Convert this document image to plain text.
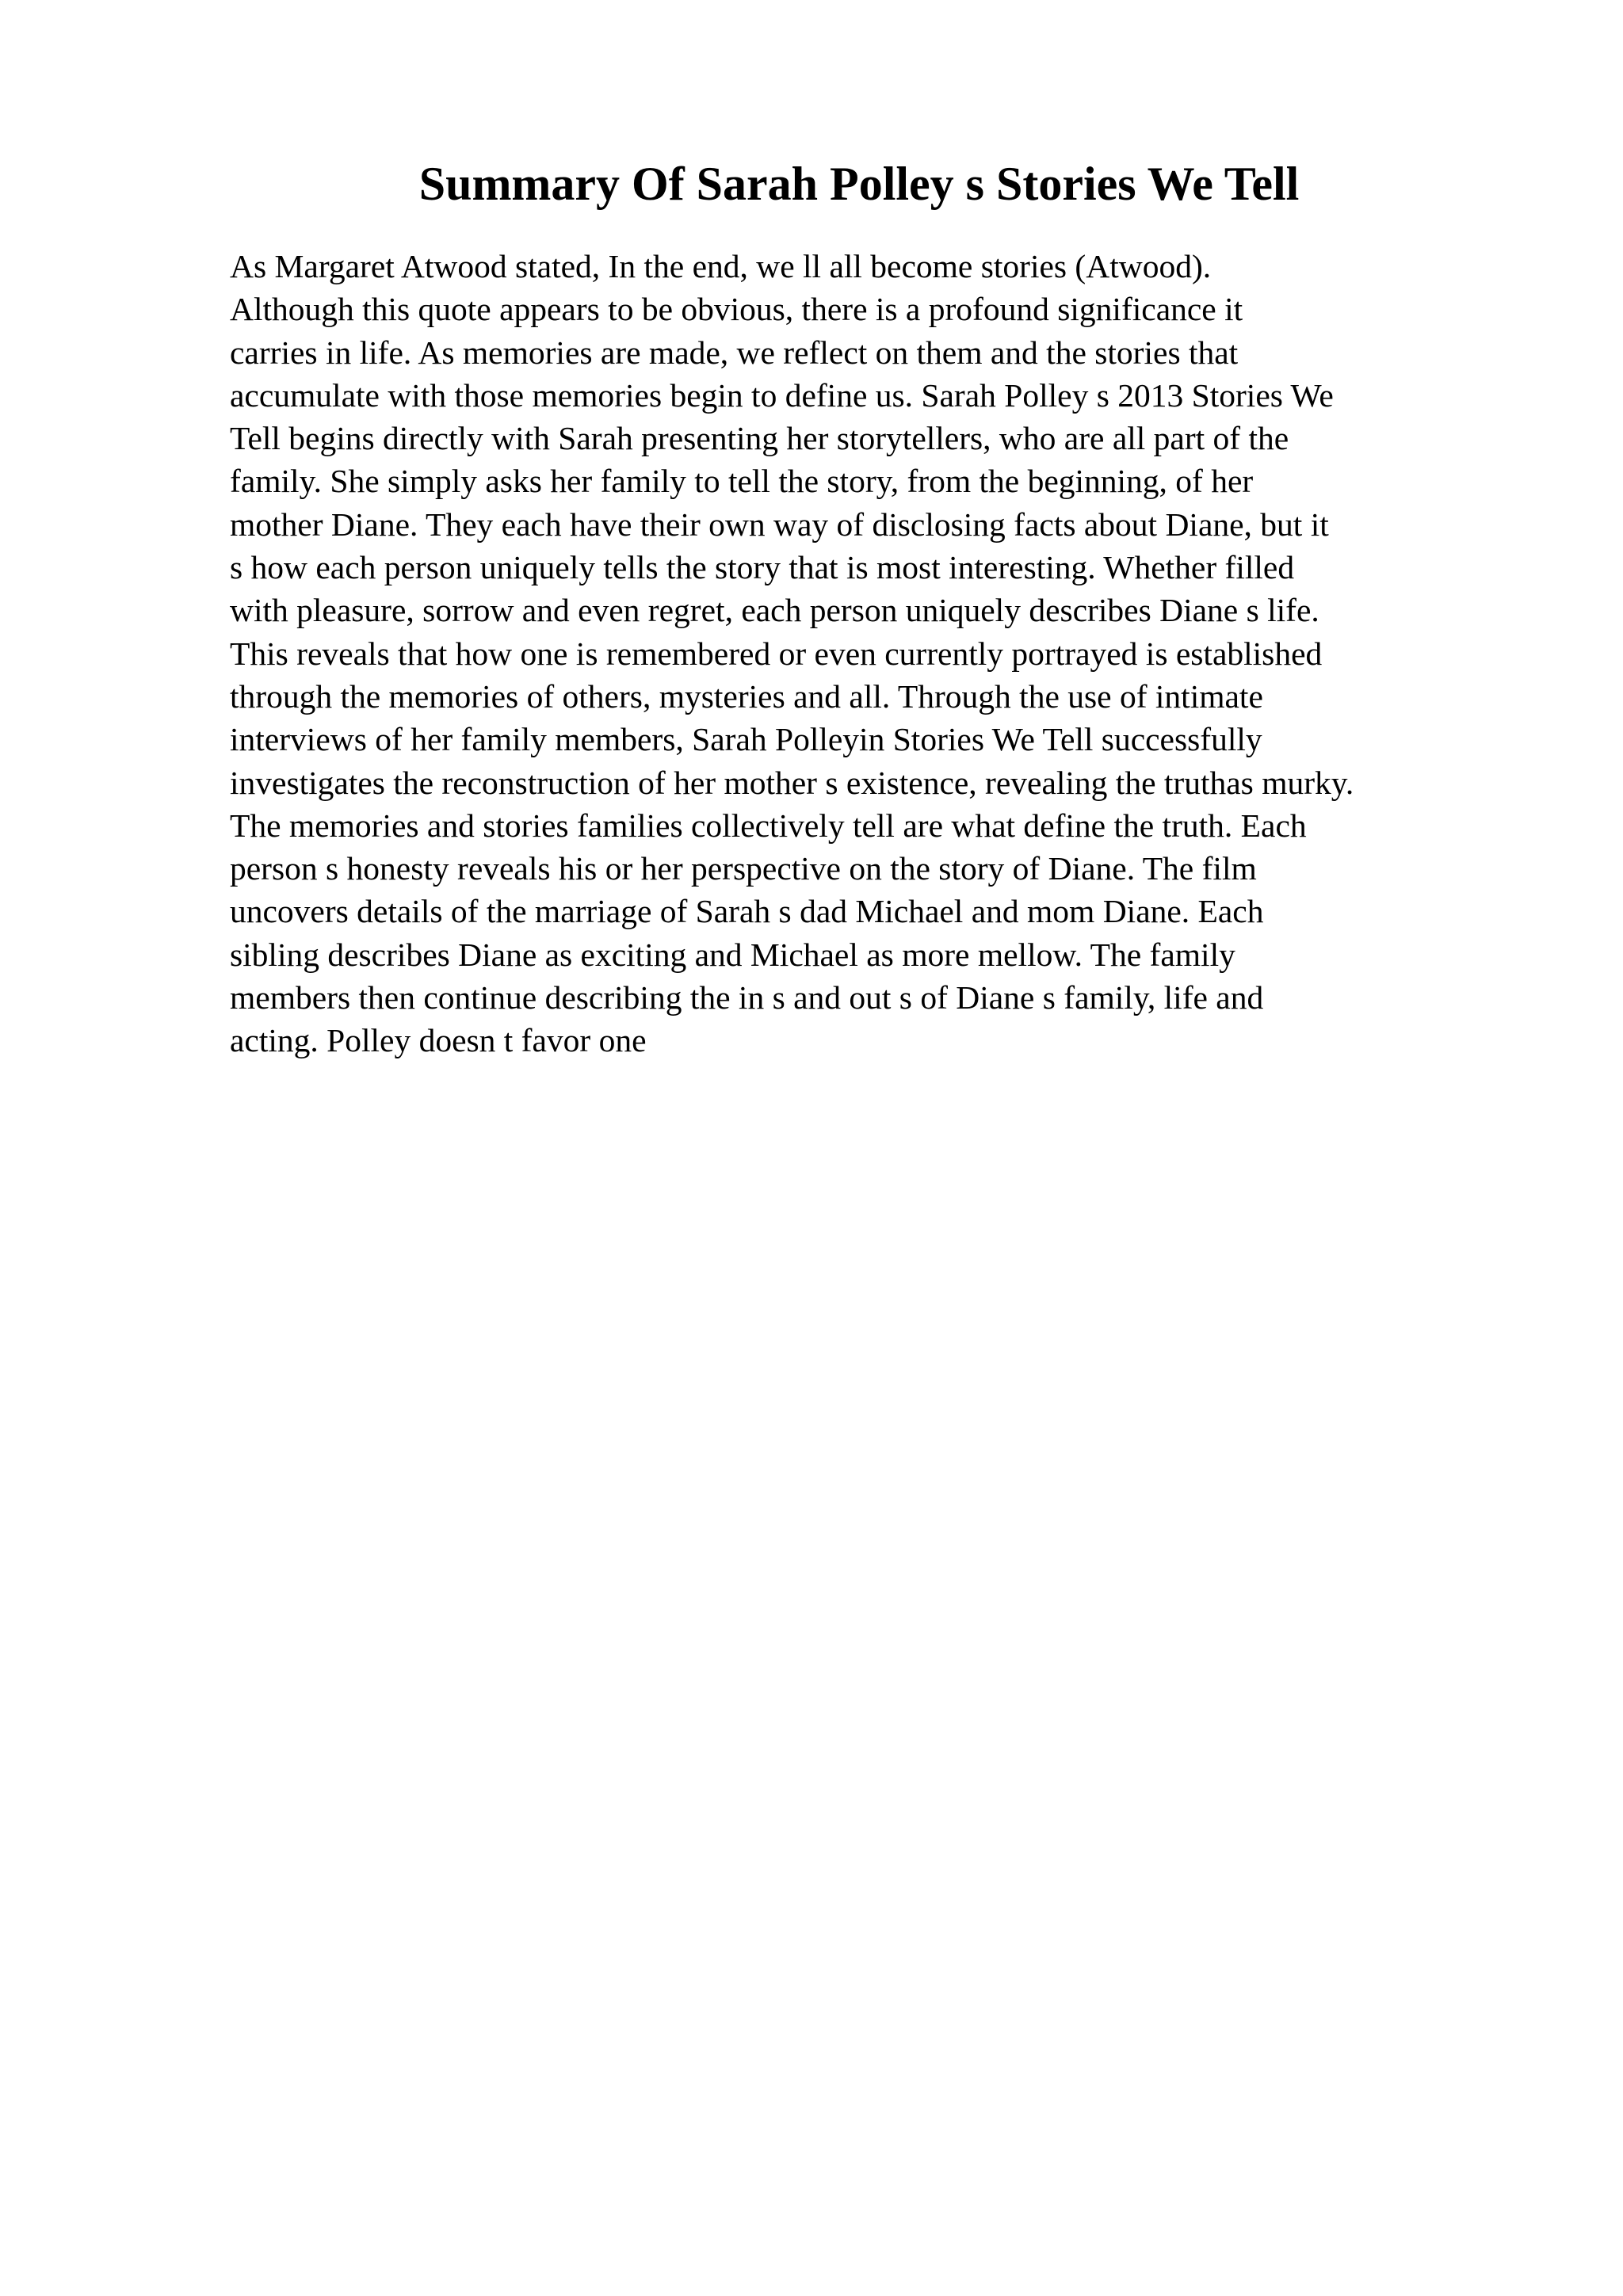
Summary Of Sarah Polley s Stories We Tell
As Margaret Atwood stated, In the end, we ll all become stories (Atwood).
Although this quote appears to be obvious, there is a profound significance it
carries in life. As memories are made, we reflect on them and the stories that
accumulate with those memories begin to define us. Sarah Polley s 2013 Stories We
Tell begins directly with Sarah presenting her storytellers, who are all part of the
family. She simply asks her family to tell the story, from the beginning, of her
mother Diane. They each have their own way of disclosing facts about Diane, but it
s how each person uniquely tells the story that is most interesting. Whether filled
with pleasure, sorrow and even regret, each person uniquely describes Diane s life.
This reveals that how one is remembered or even currently portrayed is established
through the memories of others, mysteries and all. Through the use of intimate
interviews of her family members, Sarah Polleyin Stories We Tell successfully
investigates the reconstruction of her mother s existence, revealing the truthas murky.
The memories and stories families collectively tell are what define the truth. Each
person s honesty reveals his or her perspective on the story of Diane. The film
uncovers details of the marriage of Sarah s dad Michael and mom Diane. Each
sibling describes Diane as exciting and Michael as more mellow. The family
members then continue describing the in s and out s of Diane s family, life and
acting. Polley doesn t favor one
